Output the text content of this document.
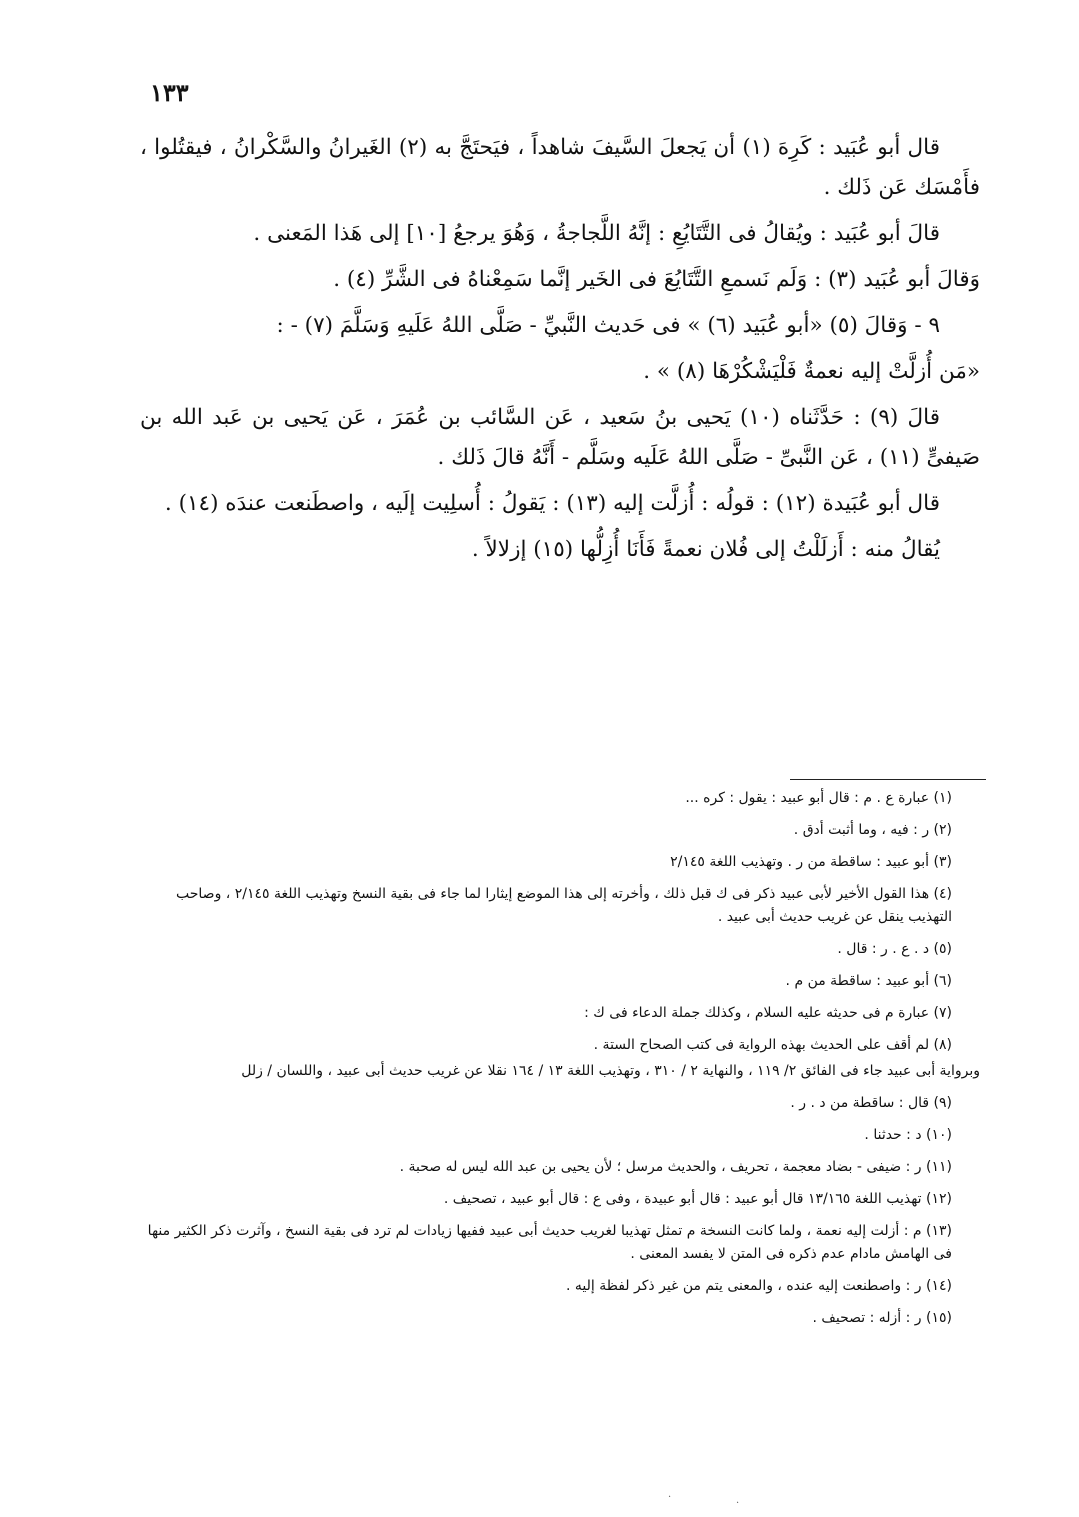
١٣٣

قال أبو عُبَيد : كَرِهَ (١) أن يَجعلَ السَّيفَ شاهداً ، فيَحتَجَّ به (٢) الغَيرانُ والسَّكْرانُ ، فيقتُلوا ، فأَمْسَك عَن ذَلك .

قالَ أبو عُبَيد : ويُقالُ فى التَّتَايُعِ : إنَّهُ اللَّجاجةُ ، وَهُوَ يرجعُ [١٠] إلى هَذا المَعنى .

وَقالَ أبو عُبَيد (٣) : وَلَم نَسمعِ التَّتَايُعَ فى الخَير إنَّما سَمِعْناهُ فى الشَّرِّ (٤) .

٩ - وَقالَ (٥) «أبو عُبَيد (٦) » فى حَديث النَّبيِّ - صَلَّى اللهُ عَلَيهِ وَسَلَّمَ (٧) - :

«مَن أُزلَّتْ إليه نعمةٌ فَلْيَشْكُرْهَا (٨) » .

قالَ (٩) : حَدَّثَناه (١٠) يَحيى بنُ سَعيد ، عَن السَّائب بن عُمَرَ ، عَن يَحيى بن عَبد الله بن صَيفىٍّ (١١) ، عَن النَّبىِّ - صَلَّى اللهُ عَلَيه وسَلَّم - أَنَّهُ قالَ ذَلك .

قال أبو عُبَيدة (١٢) : قولُه : أُزلَّت إليه (١٣) : يَقولُ : أُسلِيت إلَيه ، واصطَنعت عندَه (١٤) .

يُقالُ منه : أَزلَلْتُ إلى فُلان نعمةً فَأَنَا أُزِلُّها (١٥) إزلالاً .

(١) عبارة ع . م : قال أبو عبيد : يقول : كره ...

(٢) ر : فيه ، وما أثبت أدق .

(٣) أبو عبيد : ساقطة من ر . وتهذيب اللغة ٢/١٤٥

(٤) هذا القول الأخير لأبى عبيد ذكر فى ك قبل ذلك ، وأخرته إلى هذا الموضع إيثارا لما جاء فى بقية النسخ وتهذيب اللغة ٢/١٤٥ ، وصاحب التهذيب ينقل عن غريب حديث أبى عبيد .

(٥) د . ع . ر : قال .

(٦) أبو عبيد : ساقطة من م .

(٧) عبارة م فى حديثه عليه السلام ، وكذلك جملة الدعاء فى ك :

(٨) لم أقف على الحديث بهذه الرواية فى كتب الصحاح الستة .

وبرواية أبى عبيد جاء فى الفائق ٢/ ١١٩ ، والنهاية ٢ / ٣١٠ ، وتهذيب اللغة ١٣ / ١٦٤ نقلا عن غريب حديث أبى عبيد ، واللسان / زلل

(٩) قال : ساقطة من د . ر .

(١٠) د : حدثنا .

(١١) ر : ضيفى - بضاد معجمة ، تحريف ، والحديث مرسل ؛ لأن يحيى بن عبد الله ليس له صحبة .

(١٢) تهذيب اللغة ١٣/١٦٥ قال أبو عبيد : قال أبو عبيدة ، وفى ع : قال أبو عبيد ، تصحيف .

(١٣) م : أزلت إليه نعمة ، ولما كانت النسخة م تمثل تهذيبا لغريب حديث أبى عبيد ففيها زيادات لم ترد فى بقية النسخ ، وآثرت ذكر الكثير منها فى الهامش مادام عدم ذكره فى المتن لا يفسد المعنى .

(١٤) ر : واصطنعت إليه عنده ، والمعنى يتم من غير ذكر لفظة إليه .

(١٥) ر : أزله : تصحيف .

·
·
